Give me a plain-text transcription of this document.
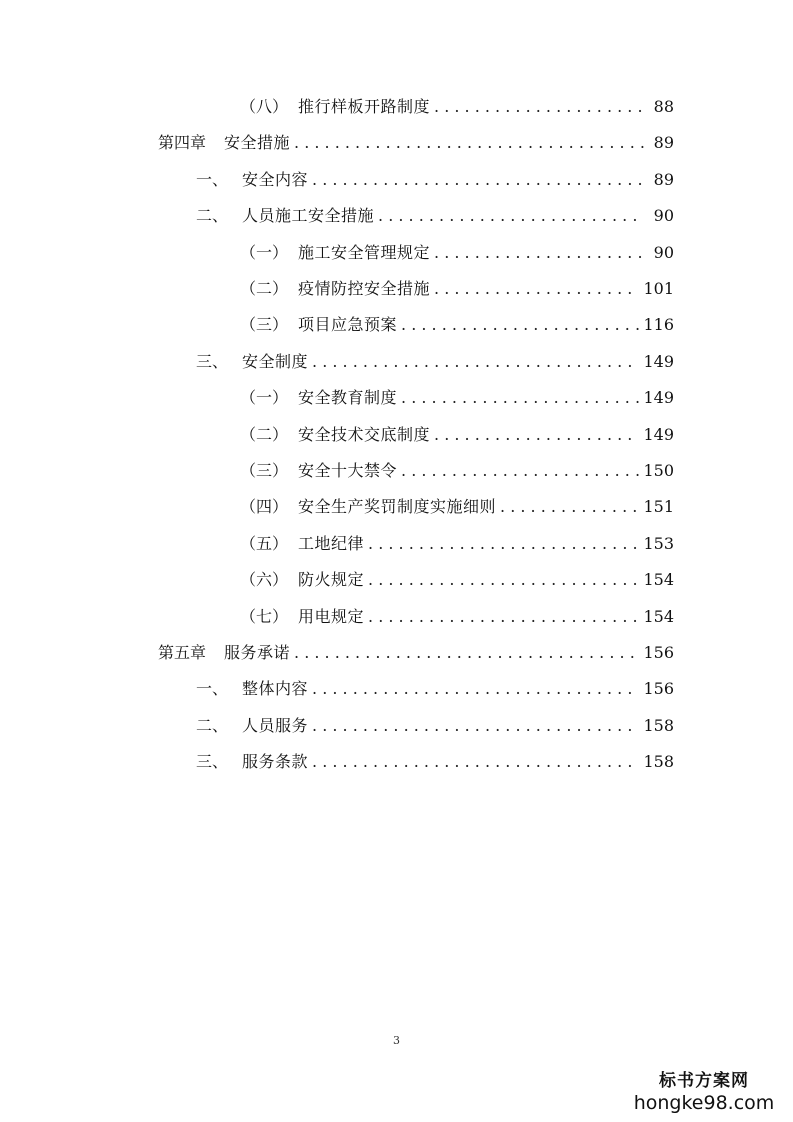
（八） 推行样板开路制度 . . .	88
第四章	安全措施 . . .	89
一、 安全内容 . . .	89
二、 人员施工安全措施 . . .	90
（一） 施工安全管理规定 . . .	90
（二） 疫情防控安全措施 . . .	101
（三） 项目应急预案 . . .	116
三、 安全制度 . . .	149
（一） 安全教育制度 . . .	149
（二） 安全技术交底制度 . . .	149
（三） 安全十大禁令 . . .	150
（四） 安全生产奖罚制度实施细则 . . .	151
（五） 工地纪律 . . .	153
（六） 防火规定 . . .	154
（七） 用电规定 . . .	154
第五章	服务承诺 . . .	156
一、 整体内容 . . .	156
二、 人员服务 . . .	158
三、 服务条款 . . .	158
3
标书方案网
hongke98.com
